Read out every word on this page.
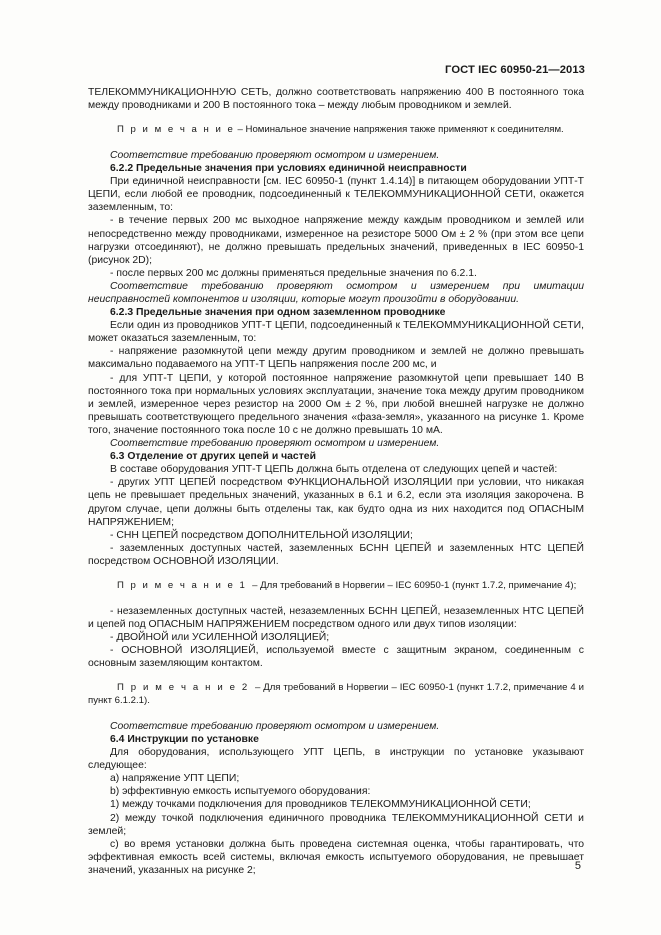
ГОСТ IEC 60950-21—2013

ТЕЛЕКОММУНИКАЦИОННУЮ СЕТЬ, должно соответствовать напряжению 400 В постоянного тока между проводниками и 200 В постоянного тока – между любым проводником и землей.

П р и м е ч а н и е – Номинальное значение напряжения также применяют к соединителям.

Соответствие требованию проверяют осмотром и измерением.

6.2.2 Предельные значения при условиях единичной неисправности

При единичной неисправности [см. IEC 60950-1 (пункт 1.4.14)] в питающем оборудовании УПТ-Т ЦЕПИ, если любой ее проводник, подсоединенный к ТЕЛЕКОММУНИКАЦИОННОЙ СЕТИ, окажется заземленным, то:

- в течение первых 200 мс выходное напряжение между каждым проводником и землей или непосредственно между проводниками, измеренное на резисторе 5000 Ом ± 2 % (при этом все цепи нагрузки отсоединяют), не должно превышать предельных значений, приведенных в IEC 60950-1 (рисунок 2D);

- после первых 200 мс должны применяться предельные значения по 6.2.1.

Соответствие требованию проверяют осмотром и измерением при имитации неисправностей компонентов и изоляции, которые могут произойти в оборудовании.

6.2.3 Предельные значения при одном заземленном проводнике

Если один из проводников УПТ-Т ЦЕПИ, подсоединенный к ТЕЛЕКОММУНИКАЦИОННОЙ СЕТИ, может оказаться заземленным, то:

- напряжение разомкнутой цепи между другим проводником и землей не должно превышать максимально подаваемого на УПТ-Т ЦЕПЬ напряжения после 200 мс, и

- для УПТ-Т ЦЕПИ, у которой постоянное напряжение разомкнутой цепи превышает 140 В постоянного тока при нормальных условиях эксплуатации, значение тока между другим проводником и землей, измеренное через резистор на 2000 Ом ± 2 %, при любой внешней нагрузке не должно превышать соответствующего предельного значения «фаза-земля», указанного на рисунке 1. Кроме того, значение постоянного тока после 10 с не должно превышать 10 мА.

Соответствие требованию проверяют осмотром и измерением.

6.3 Отделение от других цепей и частей

В составе оборудования УПТ-Т ЦЕПЬ должна быть отделена от следующих цепей и частей:

- других УПТ ЦЕПЕЙ посредством ФУНКЦИОНАЛЬНОЙ ИЗОЛЯЦИИ при условии, что никакая цепь не превышает предельных значений, указанных в 6.1 и 6.2, если эта изоляция закорочена. В другом случае, цепи должны быть отделены так, как будто одна из них находится под ОПАСНЫМ НАПРЯЖЕНИЕМ;

- СНН ЦЕПЕЙ посредством ДОПОЛНИТЕЛЬНОЙ ИЗОЛЯЦИИ;

- заземленных доступных частей, заземленных БСНН ЦЕПЕЙ и заземленных НТС ЦЕПЕЙ посредством ОСНОВНОЙ ИЗОЛЯЦИИ.

П р и м е ч а н и е 1  – Для требований в Норвегии – IEC 60950-1 (пункт 1.7.2, примечание 4);

- незаземленных доступных частей, незаземленных БСНН ЦЕПЕЙ, незаземленных НТС ЦЕПЕЙ и цепей под ОПАСНЫМ НАПРЯЖЕНИЕМ посредством одного или двух типов изоляции:

- ДВОЙНОЙ или УСИЛЕННОЙ ИЗОЛЯЦИЕЙ;

- ОСНОВНОЙ ИЗОЛЯЦИЕЙ, используемой вместе с защитным экраном, соединенным с основным заземляющим контактом.

П р и м е ч а н и е 2  – Для требований в Норвегии – IEC 60950-1 (пункт 1.7.2, примечание 4 и пункт 6.1.2.1).

Соответствие требованию проверяют осмотром и измерением.

6.4 Инструкции по установке

Для оборудования, использующего УПТ ЦЕПЬ, в инструкции по установке указывают следующее:

a) напряжение УПТ ЦЕПИ;

b) эффективную емкость испытуемого оборудования:

1) между точками подключения для проводников ТЕЛЕКОММУНИКАЦИОННОЙ СЕТИ;

2) между точкой подключения единичного проводника ТЕЛЕКОММУНИКАЦИОННОЙ СЕТИ и землей;

c) во время установки должна быть проведена системная оценка, чтобы гарантировать, что эффективная емкость всей системы, включая емкость испытуемого оборудования, не превышает значений, указанных на рисунке 2;	5
